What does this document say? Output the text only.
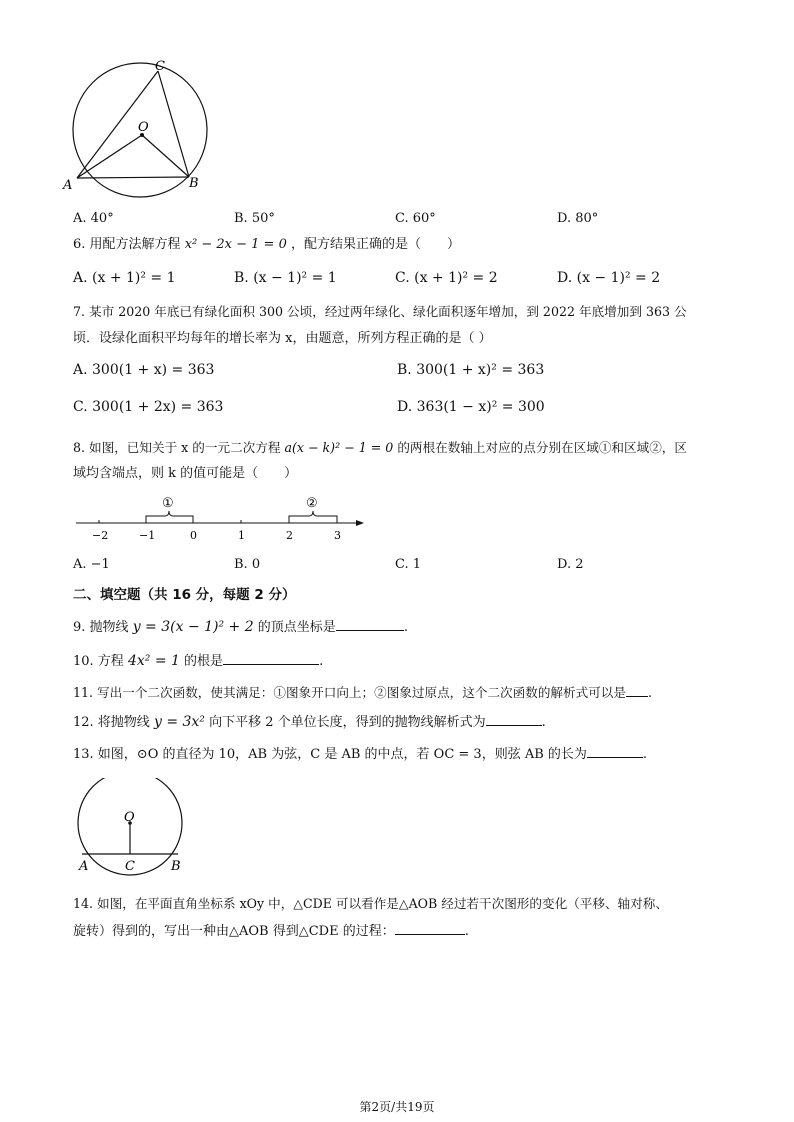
C
O
A	B
A. 40°	B. 50°	C. 60°	D. 80°
6. 用配方法解方程 x² − 2x − 1 = 0 ，配方结果正确的是（　　）
A. (x + 1)² = 1	B. (x − 1)² = 1	C. (x + 1)² = 2	D. (x − 1)² = 2
7. 某市 2020 年底已有绿化面积 300 公顷，经过两年绿化、绿化面积逐年增加，到 2022 年底增加到 363 公
顷．设绿化面积平均每年的增长率为 x，由题意，所列方程正确的是（ ）
A. 300(1 + x) = 363	B. 300(1 + x)² = 363
C. 300(1 + 2x) = 363	D. 363(1 − x)² = 300
8. 如图，已知关于 x 的一元二次方程 a(x − k)² − 1 = 0 的两根在数轴上对应的点分别在区域①和区域②，区
域均含端点，则 k 的值可能是（　　）
①	②
−2	−1	0	1	2	3
A. −1	B. 0	C. 1	D. 2
二、填空题（共 16 分，每题 2 分）
9. 抛物线 y = 3(x − 1)² + 2 的顶点坐标是	.
10. 方程 4x² = 1 的根是	.
11. 写出一个二次函数，使其满足：①图象开口向上；②图象过原点，这个二次函数的解析式可以是 .
12. 将抛物线 y = 3x² 向下平移 2 个单位长度，得到的抛物线解析式为	.
13. 如图，⊙O 的直径为 10，AB 为弦，C 是 AB 的中点，若 OC = 3，则弦 AB 的长为	.
O
A	C	B
14. 如图，在平面直角坐标系 xOy 中，△CDE 可以看作是△AOB 经过若干次图形的变化（平移、轴对称、
旋转）得到的，写出一种由△AOB 得到△CDE 的过程：	.
第2页/共19页
